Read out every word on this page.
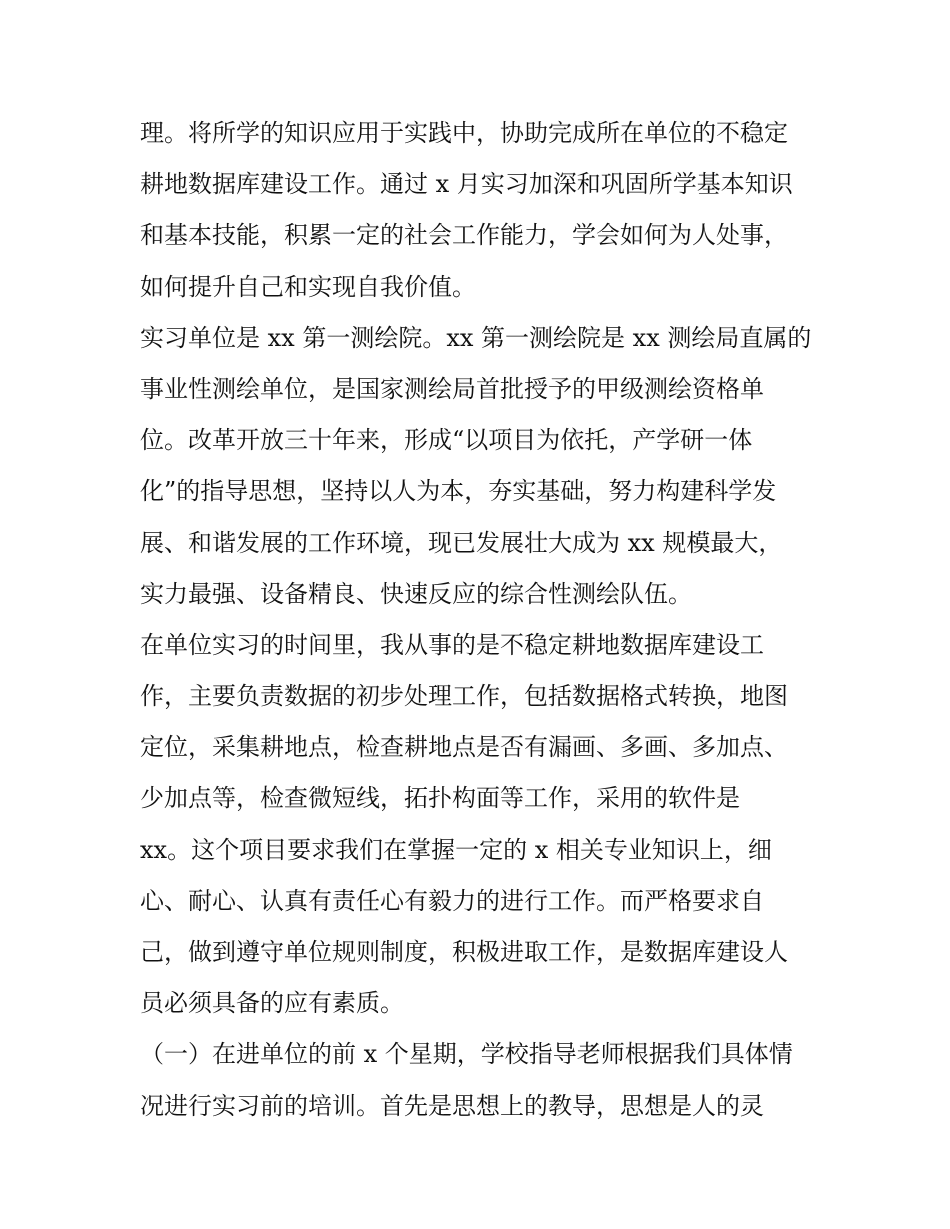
理。将所学的知识应用于实践中，协助完成所在单位的不稳定
耕地数据库建设工作。通过 x 月实习加深和巩固所学基本知识
和基本技能，积累一定的社会工作能力，学会如何为人处事，
如何提升自己和实现自我价值。
实习单位是 xx 第一测绘院。xx 第一测绘院是 xx 测绘局直属的
事业性测绘单位，是国家测绘局首批授予的甲级测绘资格单
位。改革开放三十年来，形成“以项目为依托，产学研一体
化”的指导思想，坚持以人为本，夯实基础，努力构建科学发
展、和谐发展的工作环境，现已发展壮大成为 xx 规模最大，
实力最强、设备精良、快速反应的综合性测绘队伍。
在单位实习的时间里，我从事的是不稳定耕地数据库建设工
作，主要负责数据的初步处理工作，包括数据格式转换，地图
定位，采集耕地点，检查耕地点是否有漏画、多画、多加点、
少加点等，检查微短线，拓扑构面等工作，采用的软件是
xx。这个项目要求我们在掌握一定的 x 相关专业知识上，细
心、耐心、认真有责任心有毅力的进行工作。而严格要求自
己，做到遵守单位规则制度，积极进取工作，是数据库建设人
员必须具备的应有素质。
（一）在进单位的前 x 个星期，学校指导老师根据我们具体情
况进行实习前的培训。首先是思想上的教导，思想是人的灵
